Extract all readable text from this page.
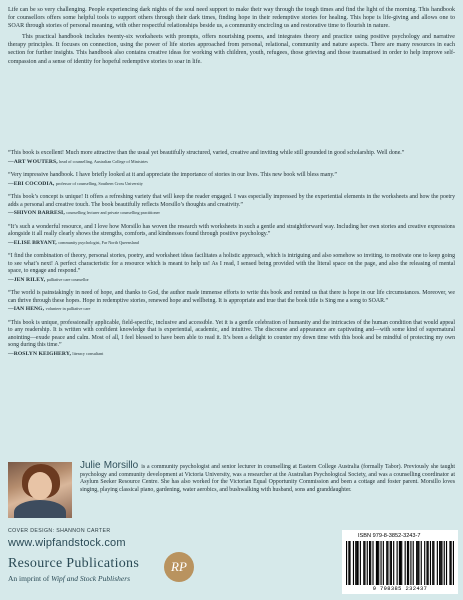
Life can be so very challenging. People experiencing dark nights of the soul need support to make their way through the tough times and find the light of the morning. This handbook for counsellors offers some helpful tools to support others through their dark times, finding hope in their redemptive stories for healing. This hope is life-giving and allows one to SOAR through stories of personal meaning, with other respectful relationships beside us, a community encircling us and restorative time to flourish in nature.

This practical handbook includes twenty-six worksheets with prompts, offers nourishing poems, and integrates theory and practice using positive psychology and narrative therapy principles. It focuses on connection, using the power of life stories approached from personal, relational, community and nature aspects. There are many resources in each section for further insights. This handbook also contains creative ideas for working with children, youth, refugees, those grieving and those traumatised in order to help improve self-compassion and a sense of identity for hopeful redemptive stories to soar in life.

“This book is excellent! Much more attractive than the usual yet beautifully structured, varied, creative and inviting while still grounded in good scholarship. Well done.”
—ART WOUTERS, head of counselling, Australian College of Ministries
“Very impressive handbook. I have briefly looked at it and appreciate the importance of stories in our lives. This new book will bless many.”
—EBI COCODIA, professor of counselling, Southern Cross University
“This book’s concept is unique! It offers a refreshing variety that will keep the reader engaged. I was especially impressed by the experiential elements in the worksheets and how the poetry adds a personal and creative touch. The book beautifully reflects Morsillo’s thoughts and creativity.”
—SHIVON BARRESI, counselling lecturer and private counselling practitioner
“It’s such a wonderful resource, and I love how Morsillo has woven the research with worksheets in such a gentle and straightforward way. Including her own stories and creative expressions alongside it all really clearly shows the strengths, comforts, and kindnesses found through positive psychology.”
—ELISE BRYANT, community psychologist, Far North Queensland
“I find the combination of theory, personal stories, poetry, and worksheet ideas facilitates a holistic approach, which is intriguing and also somehow so inviting, to motivate one to keep going to see what’s next! A perfect characteristic for a resource which is meant to help us! As I read, I sensed being provided with the literal space on the page, and also the releasing of mental space, to engage and respond.”
—JEN RILEY, palliative care counsellor
“The world is painstakingly in need of hope, and thanks to God, the author made immense efforts to write this book and remind us that there is hope in our life circumstances. Moreover, we can thrive through these hopes. Hope in redemptive stories, renewed hope and wellbeing. It is appropriate and true that the book title is Sing me a song to SOAR.”
—IAN HENG, volunteer in palliative care
“This book is unique, professionally applicable, field-specific, inclusive and accessible. Yet it is a gentle celebration of humanity and the intricacies of the human condition that would appeal to any readership. It is written with confident knowledge that is experiential, academic, and intuitive. The discourse and appearance are captivating and—with some kind of supernatural anointing—exude peace and calm. Most of all, I feel blessed to have been able to read it. It’s been a delight to counter my down time with this book and be mindful of protecting my own song during this time.”
—ROSLYN KEIGHERY, literacy consultant
Julie Morsillo is a community psychologist and senior lecturer in counselling at Eastern College Australia (formally Tabor). Previously she taught psychology and community development at Victoria University, was a researcher at the Australian Psychological Society, and was a counselling coordinator at Asylum Seeker Resource Centre. She has also worked for the Victorian Equal Opportunity Commission and been a cottage and foster parent. Morsillo loves singing, playing classical piano, gardening, water aerobics, and bushwalking with husband, sons and granddaughter.
COVER DESIGN: SHANNON CARTER
www.wipfandstock.com
Resource Publications
An imprint of Wipf and Stock Publishers
RP
ISBN 979-8-3852-3243-7
9 798385 232437
